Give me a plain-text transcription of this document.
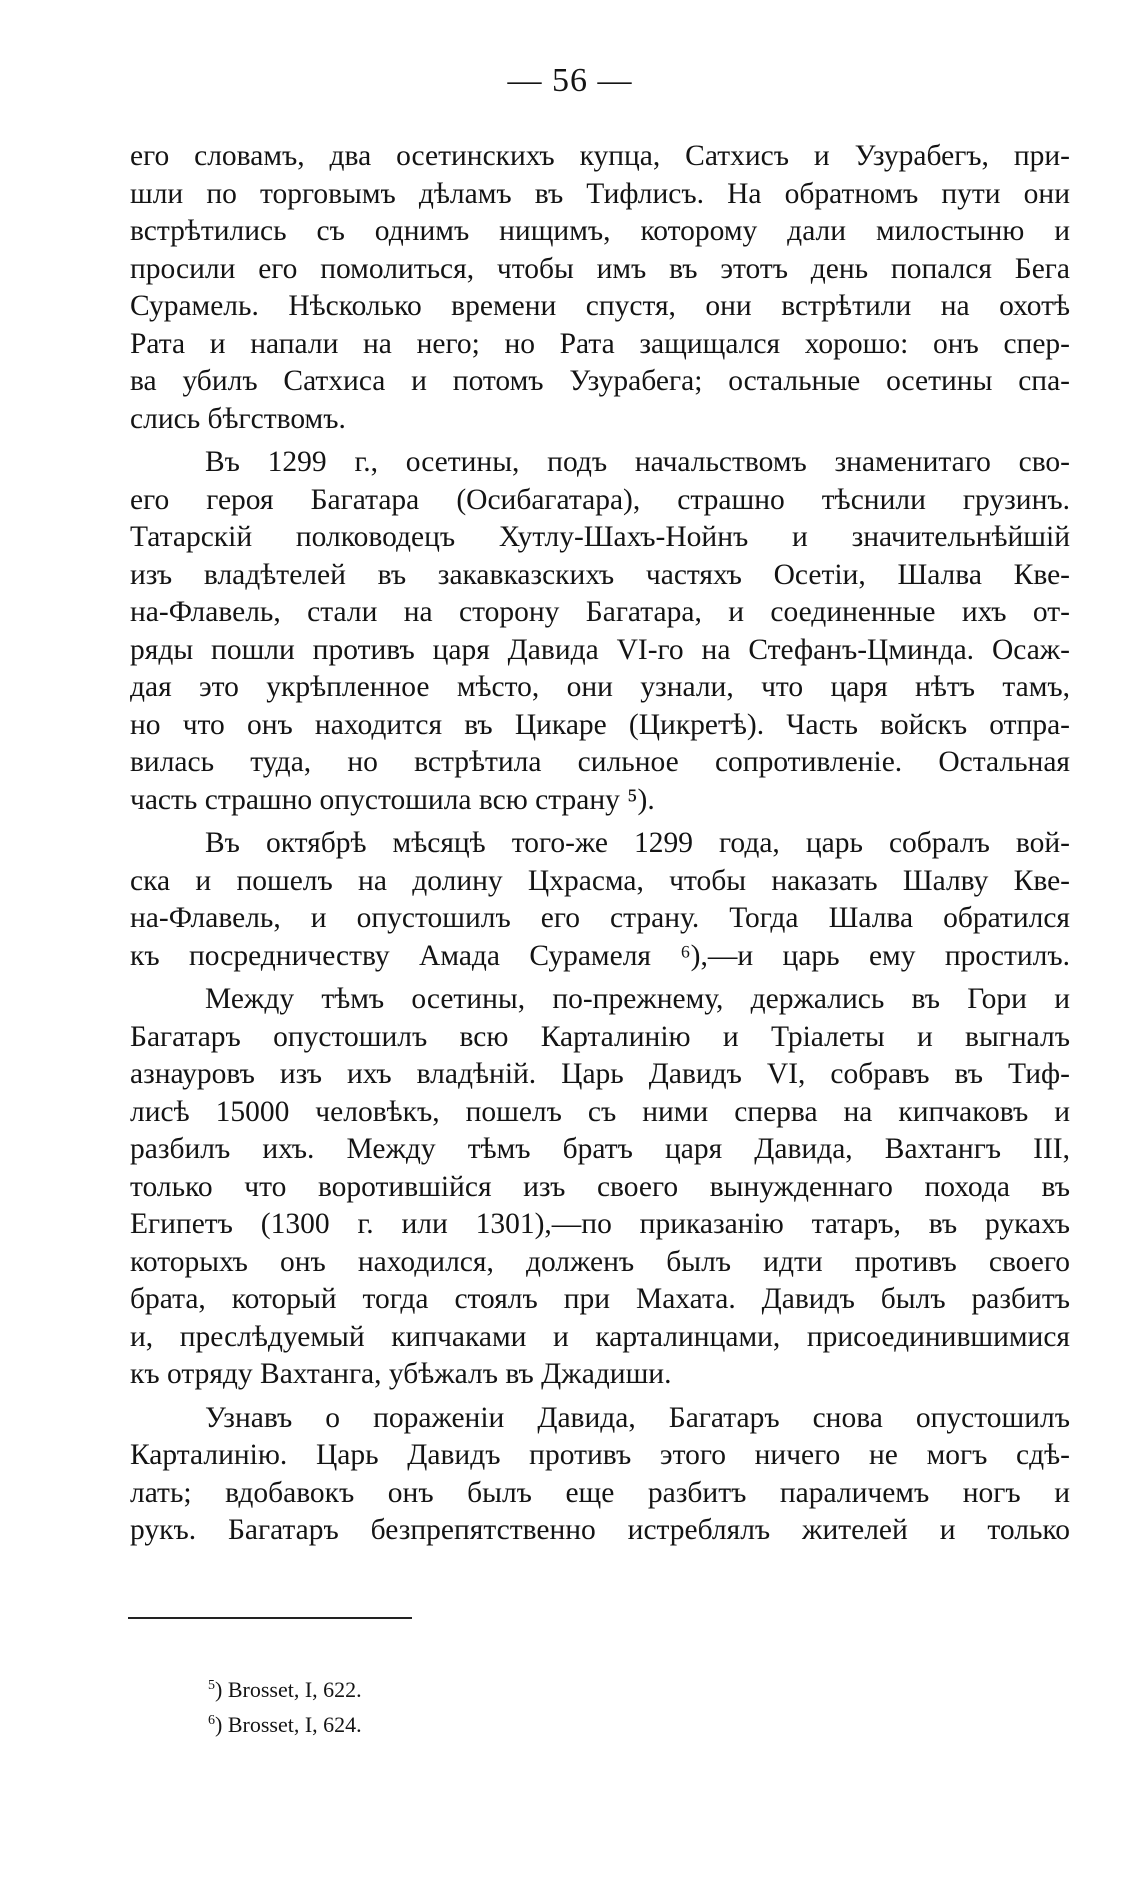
— 56 —
его словамъ, два осетинскихъ купца, Сатхисъ и Узурабегъ, при-
шли по торговымъ дѣламъ въ Тифлисъ. На обратномъ пути они
встрѣтились съ однимъ нищимъ, которому дали милостыню и
просили его помолиться, чтобы имъ въ этотъ день попался Бега
Сурамель. Нѣсколько времени спустя, они встрѣтили на охотѣ
Рата и напали на него; но Рата защищался хорошо: онъ спер-
ва убилъ Сатхиса и потомъ Узурабега; остальные осетины спа-
слись бѣгствомъ.
Въ 1299 г., осетины, подъ начальствомъ знаменитаго сво-
его героя Багатара (Осибагатара), страшно тѣснили грузинъ.
Татарскій полководецъ Хутлу-Шахъ-Нойнъ и значительнѣйшій
изъ владѣтелей въ закавказскихъ частяхъ Осетіи, Шалва Кве-
на-Флавель, стали на сторону Багатара, и соединенные ихъ от-
ряды пошли противъ царя Давида VI-го на Стефанъ-Цминда. Осаж-
дая это укрѣпленное мѣсто, они узнали, что царя нѣтъ тамъ,
но что онъ находится въ Цикаре (Цикретѣ). Часть войскъ отпра-
вилась туда, но встрѣтила сильное сопротивленіе. Остальная
часть страшно опустошила всю страну ⁵).
Въ октябрѣ мѣсяцѣ того-же 1299 года, царь собралъ вой-
ска и пошелъ на долину Цхрасма, чтобы наказать Шалву Кве-
на-Флавель, и опустошилъ его страну. Тогда Шалва обратился
къ посредничеству Амада Сурамеля ⁶),—и царь ему простилъ.
Между тѣмъ осетины, по-прежнему, держались въ Гори и
Багатаръ опустошилъ всю Карталинію и Тріалеты и выгналъ
азнауровъ изъ ихъ владѣній. Царь Давидъ VI, собравъ въ Тиф-
лисѣ 15000 человѣкъ, пошелъ съ ними сперва на кипчаковъ и
разбилъ ихъ. Между тѣмъ братъ царя Давида, Вахтангъ III,
только что воротившійся изъ своего вынужденнаго похода въ
Египетъ (1300 г. или 1301),—по приказанію татаръ, въ рукахъ
которыхъ онъ находился, долженъ былъ идти противъ своего
брата, который тогда стоялъ при Махата. Давидъ былъ разбитъ
и, преслѣдуемый кипчаками и карталинцами, присоединившимися
къ отряду Вахтанга, убѣжалъ въ Джадиши.
Узнавъ о пораженіи Давида, Багатаръ снова опустошилъ
Карталинію. Царь Давидъ противъ этого ничего не могъ сдѣ-
лать; вдобавокъ онъ былъ еще разбитъ параличемъ ногъ и
рукъ. Багатаръ безпрепятственно истреблялъ жителей и только
$^5$) Brosset, I, 622.
$^6$) Brosset, I, 624.
